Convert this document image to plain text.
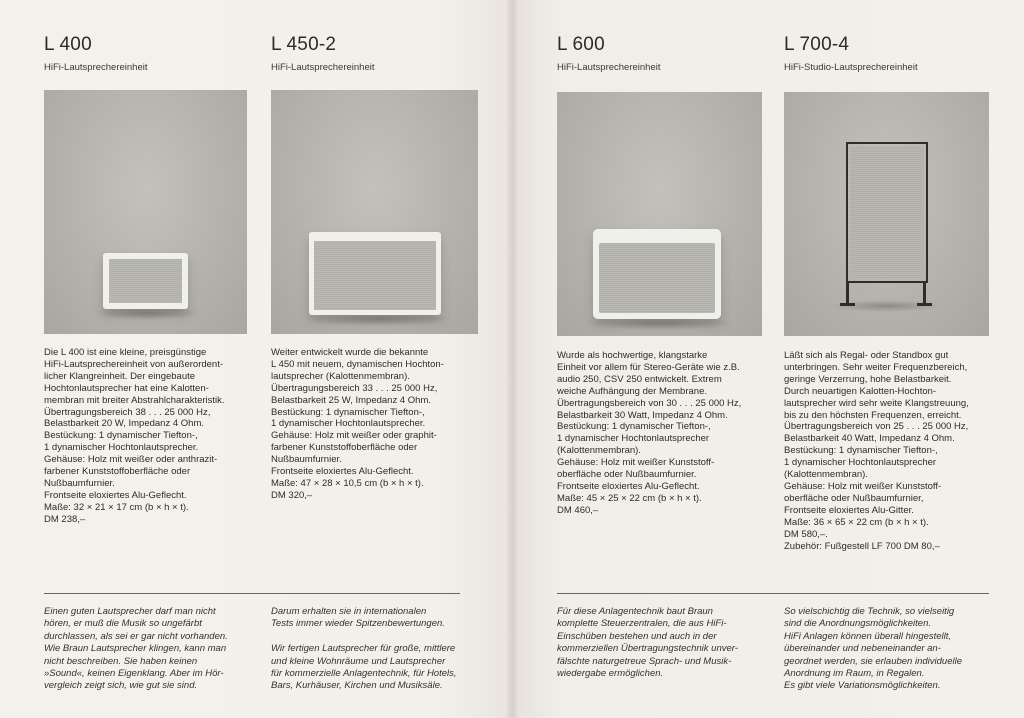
L 400
HiFi-Lautsprechereinheit
Die L 400 ist eine kleine, preisgünstige
HiFi-Lautsprechereinheit von außerordent-
licher Klangreinheit. Der eingebaute
Hochtonlautsprecher hat eine Kalotten-
membran mit breiter Abstrahlcharakteristik.
Übertragungsbereich 38 . . . 25 000 Hz,
Belastbarkeit 20 W, Impedanz 4 Ohm.
Bestückung: 1 dynamischer Tiefton-,
1 dynamischer Hochtonlautsprecher.
Gehäuse: Holz mit weißer oder anthrazit-
farbener Kunststoffoberfläche oder
Nußbaumfurnier.
Frontseite eloxiertes Alu-Geflecht.
Maße: 32 × 21 × 17 cm (b × h × t).
DM 238,–
L 450-2
HiFi-Lautsprechereinheit
Weiter entwickelt wurde die bekannte
L 450 mit neuem, dynamischen Hochton-
lautsprecher (Kalottenmembran).
Übertragungsbereich 33 . . . 25 000 Hz,
Belastbarkeit 25 W, Impedanz 4 Ohm.
Bestückung: 1 dynamischer Tiefton-,
1 dynamischer Hochtonlautsprecher.
Gehäuse: Holz mit weißer oder graphit-
farbener Kunststoffoberfläche oder
Nußbaumfurnier.
Frontseite eloxiertes Alu-Geflecht.
Maße: 47 × 28 × 10,5 cm (b × h × t).
DM 320,–
L 600
HiFi-Lautsprechereinheit
Wurde als hochwertige, klangstarke
Einheit vor allem für Stereo-Geräte wie z.B.
audio 250, CSV 250 entwickelt. Extrem
weiche Aufhängung der Membrane.
Übertragungsbereich von 30 . . . 25 000 Hz,
Belastbarkeit 30 Watt, Impedanz 4 Ohm.
Bestückung: 1 dynamischer Tiefton-,
1 dynamischer Hochtonlautsprecher
(Kalottenmembran).
Gehäuse: Holz mit weißer Kunststoff-
oberfläche oder Nußbaumfurnier.
Frontseite eloxiertes Alu-Geflecht.
Maße: 45 × 25 × 22 cm (b × h × t).
DM 460,–
L 700-4
HiFi-Studio-Lautsprechereinheit
Läßt sich als Regal- oder Standbox gut
unterbringen. Sehr weiter Frequenzbereich,
geringe Verzerrung, hohe Belastbarkeit.
Durch neuartigen Kalotten-Hochton-
lautsprecher wird sehr weite Klangstreuung,
bis zu den höchsten Frequenzen, erreicht.
Übertragungsbereich von 25 . . . 25 000 Hz,
Belastbarkeit 40 Watt, Impedanz 4 Ohm.
Bestückung: 1 dynamischer Tiefton-,
1 dynamischer Hochtonlautsprecher
(Kalottenmembran).
Gehäuse: Holz mit weißer Kunststoff-
oberfläche oder Nußbaumfurnier,
Frontseite eloxiertes Alu-Gitter.
Maße: 36 × 65 × 22 cm (b × h × t).
DM 580,–.
Zubehör: Fußgestell LF 700 DM 80,–
Einen guten Lautsprecher darf man nicht
hören, er muß die Musik so ungefärbt
durchlassen, als sei er gar nicht vorhanden.
Wie Braun Lautsprecher klingen, kann man
nicht beschreiben. Sie haben keinen
»Sound«, keinen Eigenklang. Aber im Hör-
vergleich zeigt sich, wie gut sie sind.
Darum erhalten sie in internationalen
Tests immer wieder Spitzenbewertungen.
Wir fertigen Lautsprecher für große, mittlere
und kleine Wohnräume und Lautsprecher
für kommerzielle Anlagentechnik, für Hotels,
Bars, Kurhäuser, Kirchen und Musiksäle.
Für diese Anlagentechnik baut Braun
komplette Steuerzentralen, die aus HiFi-
Einschüben bestehen und auch in der
kommerziellen Übertragungstechnik unver-
fälschte naturgetreue Sprach- und Musik-
wiedergabe ermöglichen.
So vielschichtig die Technik, so vielseitig
sind die Anordnungsmöglichkeiten.
HiFi Anlagen können überall hingestellt,
übereinander und nebeneinander an-
geordnet werden, sie erlauben individuelle
Anordnung im Raum, in Regalen.
Es gibt viele Variationsmöglichkeiten.
